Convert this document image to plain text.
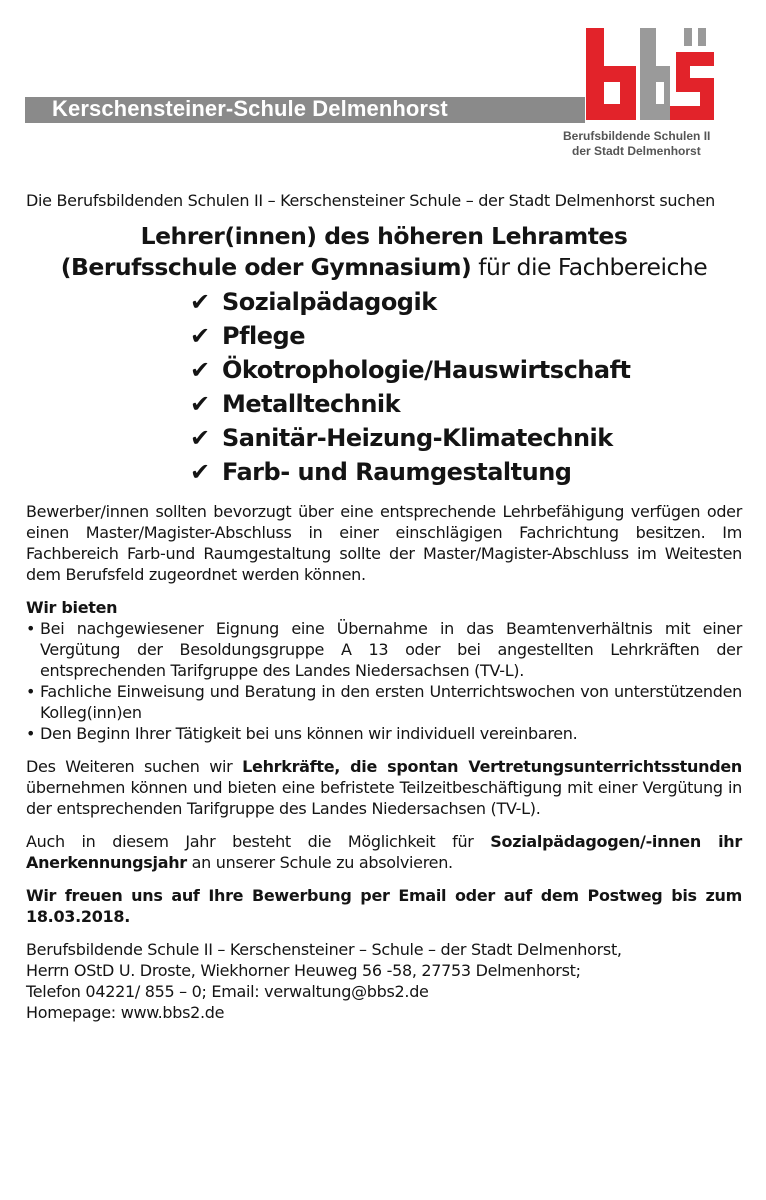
Kerschensteiner-Schule Delmenhorst
Berufsbildende Schulen II
der Stadt Delmenhorst

Die Berufsbildenden Schulen II – Kerschensteiner Schule – der Stadt Delmenhorst suchen

Lehrer(innen) des höheren Lehramtes
(Berufsschule oder Gymnasium) für die Fachbereiche
✔ Sozialpädagogik
✔ Pflege
✔ Ökotrophologie/Hauswirtschaft
✔ Metalltechnik
✔ Sanitär-Heizung-Klimatechnik
✔ Farb- und Raumgestaltung

Bewerber/innen sollten bevorzugt über eine entsprechende Lehrbefähigung verfügen oder einen Master/Magister-Abschluss in einer einschlägigen Fachrichtung besitzen. Im Fachbereich Farb-und Raumgestaltung sollte der Master/Magister-Abschluss im Weitesten dem Berufsfeld zugeordnet werden können.

Wir bieten
• Bei nachgewiesener Eignung eine Übernahme in das Beamtenverhältnis mit einer Vergütung der Besoldungsgruppe A 13 oder bei angestellten Lehrkräften der entsprechenden Tarifgruppe des Landes Niedersachsen (TV-L).
• Fachliche Einweisung und Beratung in den ersten Unterrichtswochen von unterstützenden Kolleg(inn)en
• Den Beginn Ihrer Tätigkeit bei uns können wir individuell vereinbaren.

Des Weiteren suchen wir Lehrkräfte, die spontan Vertretungsunterrichtsstunden übernehmen können und bieten eine befristete Teilzeitbeschäftigung mit einer Vergütung in der entsprechenden Tarifgruppe des Landes Niedersachsen (TV-L).

Auch in diesem Jahr besteht die Möglichkeit für Sozialpädagogen/-innen ihr Anerkennungsjahr an unserer Schule zu absolvieren.

Wir freuen uns auf Ihre Bewerbung per Email oder auf dem Postweg bis zum 18.03.2018.

Berufsbildende Schule II – Kerschensteiner – Schule – der Stadt Delmenhorst,
Herrn OStD U. Droste, Wiekhorner Heuweg 56 -58, 27753 Delmenhorst;
Telefon 04221/ 855 – 0; Email: verwaltung@bbs2.de
Homepage: www.bbs2.de
